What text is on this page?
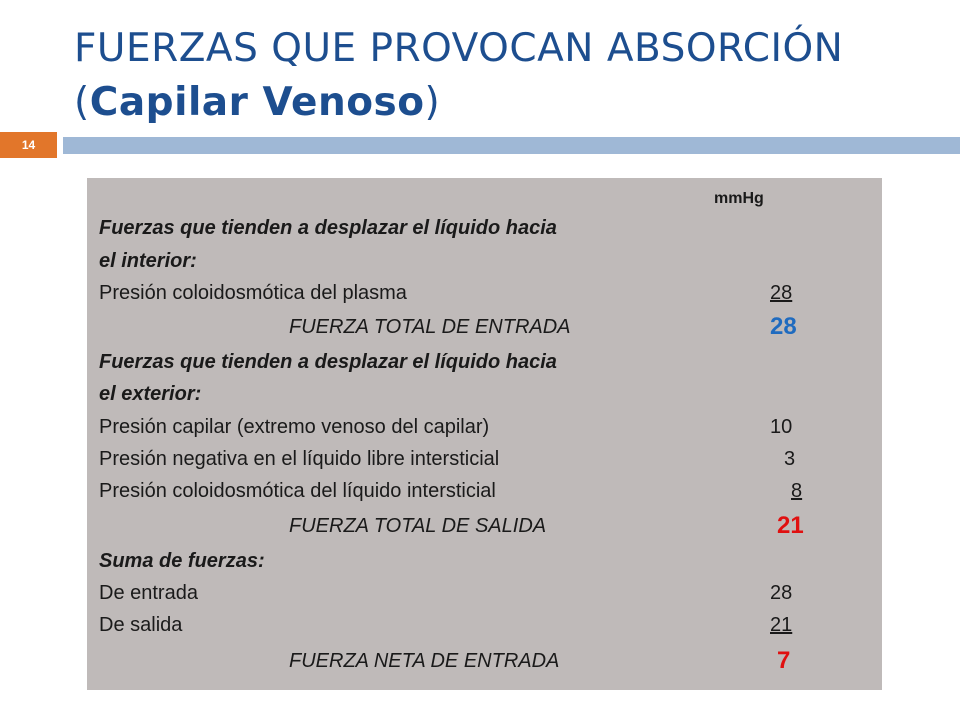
FUERZAS QUE PROVOCAN ABSORCIÓN
(Capilar Venoso)
14
mmHg
Fuerzas que tienden a desplazar el líquido hacia
el interior:
Presión coloidosmótica del plasma	28
FUERZA TOTAL DE ENTRADA	28
Fuerzas que tienden a desplazar el líquido hacia
el exterior:
Presión capilar (extremo venoso del capilar)	10
Presión negativa en el líquido libre intersticial	3
Presión coloidosmótica del líquido intersticial	8
FUERZA TOTAL DE SALIDA	21
Suma de fuerzas:
De entrada	28
De salida	21
FUERZA NETA DE ENTRADA	7
